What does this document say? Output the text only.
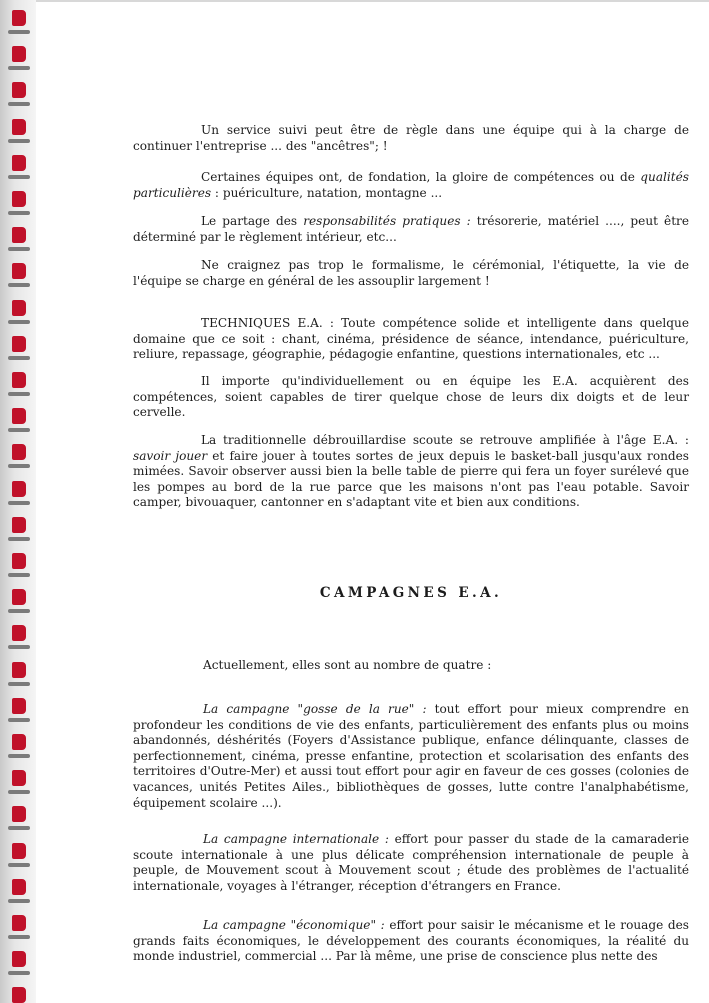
Un service suivi peut être de règle dans une équipe qui à la charge de continuer l'entreprise ... des "ancêtres"; !

Certaines équipes ont, de fondation, la gloire de compétences ou de qualités particulières : puériculture, natation, montagne ...

Le partage des responsabilités pratiques : trésorerie, matériel ...., peut être déterminé par le règlement intérieur, etc...

Ne craignez pas trop le formalisme, le cérémonial, l'étiquette, la vie de l'équipe se charge en général de les assouplir largement !

TECHNIQUES E.A. : Toute compétence solide et intelligente dans quelque domaine que ce soit : chant, cinéma, présidence de séance, intendance, puériculture, reliure, repassage, géographie, pédagogie enfantine, questions internationales, etc ...

Il importe qu'individuellement ou en équipe les E.A. acquièrent des compétences, soient capables de tirer quelque chose de leurs dix doigts et de leur cervelle.

La traditionnelle débrouillardise scoute se retrouve amplifiée à l'âge E.A. : savoir jouer et faire jouer à toutes sortes de jeux depuis le basket-ball jusqu'aux rondes mimées. Savoir observer aussi bien la belle table de pierre qui fera un foyer surélevé que les pompes au bord de la rue parce que les maisons n'ont pas l'eau potable. Savoir camper, bivouaquer, cantonner en s'adaptant vite et bien aux conditions.

CAMPAGNES E.A.

Actuellement, elles sont au nombre de quatre :

La campagne "gosse de la rue" : tout effort pour mieux comprendre en profondeur les conditions de vie des enfants, particulièrement des enfants plus ou moins abandonnés, déshérités (Foyers d'Assistance publique, enfance délinquante, classes de perfectionnement, cinéma, presse enfantine, protection et scolarisation des enfants des territoires d'Outre-Mer) et aussi tout effort pour agir en faveur de ces gosses (colonies de vacances, unités Petites Ailes., bibliothèques de gosses, lutte contre l'analphabétisme, équipement scolaire ...).

La campagne internationale : effort pour passer du stade de la camaraderie scoute internationale à une plus délicate compréhension internationale de peuple à peuple, de Mouvement scout à Mouvement scout ; étude des problèmes de l'actualité internationale, voyages à l'étranger, réception d'étrangers en France.

La campagne "économique" : effort pour saisir le mécanisme et le rouage des grands faits économiques, le développement des courants économiques, la réalité du monde industriel, commercial ... Par là même, une prise de conscience plus nette des
